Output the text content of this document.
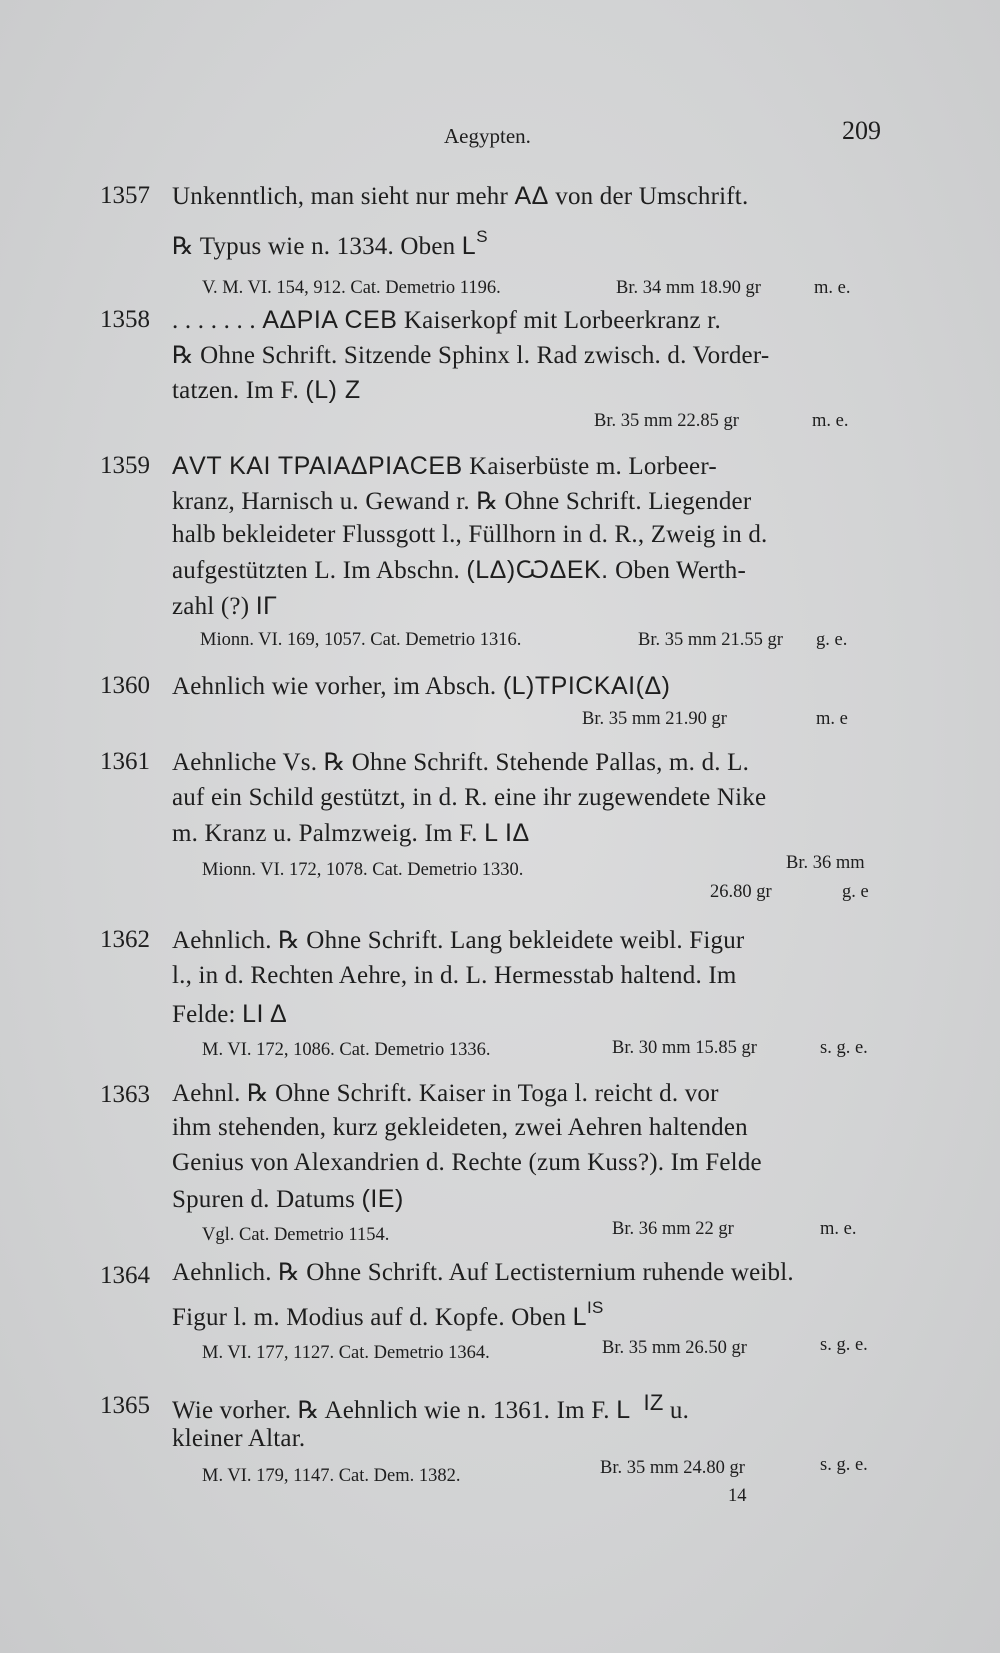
Aegypten.	209
1357 Unkenntlich, man sieht nur mehr ΑΔ von der Umschrift.
℞ Typus wie n. 1334. Oben $L^S$
V. M. VI. 154, 912. Cat. Demetrio 1196.	Br. 34 mm 18.90 gr	m. e.
1358 . . . . . . . ΑΔΡΙΑ CΕΒ Kaiserkopf mit Lorbeerkranz r.
℞ Ohne Schrift. Sitzende Sphinx l. Rad zwisch. d. Vorder-
tatzen. Im F. (L) Ζ
Br. 35 mm 22.85 gr	m. e.
1359 ΑVΤ ΚΑΙ ΤΡΑΙΑΔΡΙΑCΕΒ Kaiserbüste m. Lorbeer-
kranz, Harnisch u. Gewand r. ℞ Ohne Schrift. Liegender
halb bekleideter Flussgott l., Füllhorn in d. R., Zweig in d.
aufgestützten L. Im Abschn. (LΔ)ѠΔΕΚ. Oben Werth-
zahl (?) IΓ
Mionn. VI. 169, 1057. Cat. Demetrio 1316.	Br. 35 mm 21.55 gr g. e.
1360 Aehnlich wie vorher, im Absch. (L)ΤΡΙCΚΑΙ(Δ)
Br. 35 mm 21.90 gr	m. e
1361 Aehnliche Vs. ℞ Ohne Schrift. Stehende Pallas, m. d. L.
auf ein Schild gestützt, in d. R. eine ihr zugewendete Nike
m. Kranz u. Palmzweig. Im F. L ΙΔ
Mionn. VI. 172, 1078. Cat. Demetrio 1330.	Br. 36 mm
26.80 gr	g. e
1362 Aehnlich. ℞ Ohne Schrift. Lang bekleidete weibl. Figur
l., in d. Rechten Aehre, in d. L. Hermesstab haltend. Im
Felde: LΙ Δ
M. VI. 172, 1086. Cat. Demetrio 1336.	Br. 30 mm 15.85 gr	s. g. e.
1363 Aehnl. ℞ Ohne Schrift. Kaiser in Toga l. reicht d. vor
ihm stehenden, kurz gekleideten, zwei Aehren haltenden
Genius von Alexandrien d. Rechte (zum Kuss?). Im Felde
Spuren d. Datums (ΙΕ)
Vgl. Cat. Demetrio 1154.	Br. 36 mm 22 gr	m. e.
1364 Aehnlich. ℞ Ohne Schrift. Auf Lectisternium ruhende weibl.
Figur l. m. Modius auf d. Kopfe. Oben $L^{IS}$
M. VI. 177, 1127. Cat. Demetrio 1364.	Br. 35 mm 26.50 gr	s. g. e.
1365 Wie vorher. ℞ Aehnlich wie n. 1361. Im F. L ΙΖ u.
kleiner Altar.
M. VI. 179, 1147. Cat. Dem. 1382.	Br. 35 mm 24.80 gr	s. g. e.
14
